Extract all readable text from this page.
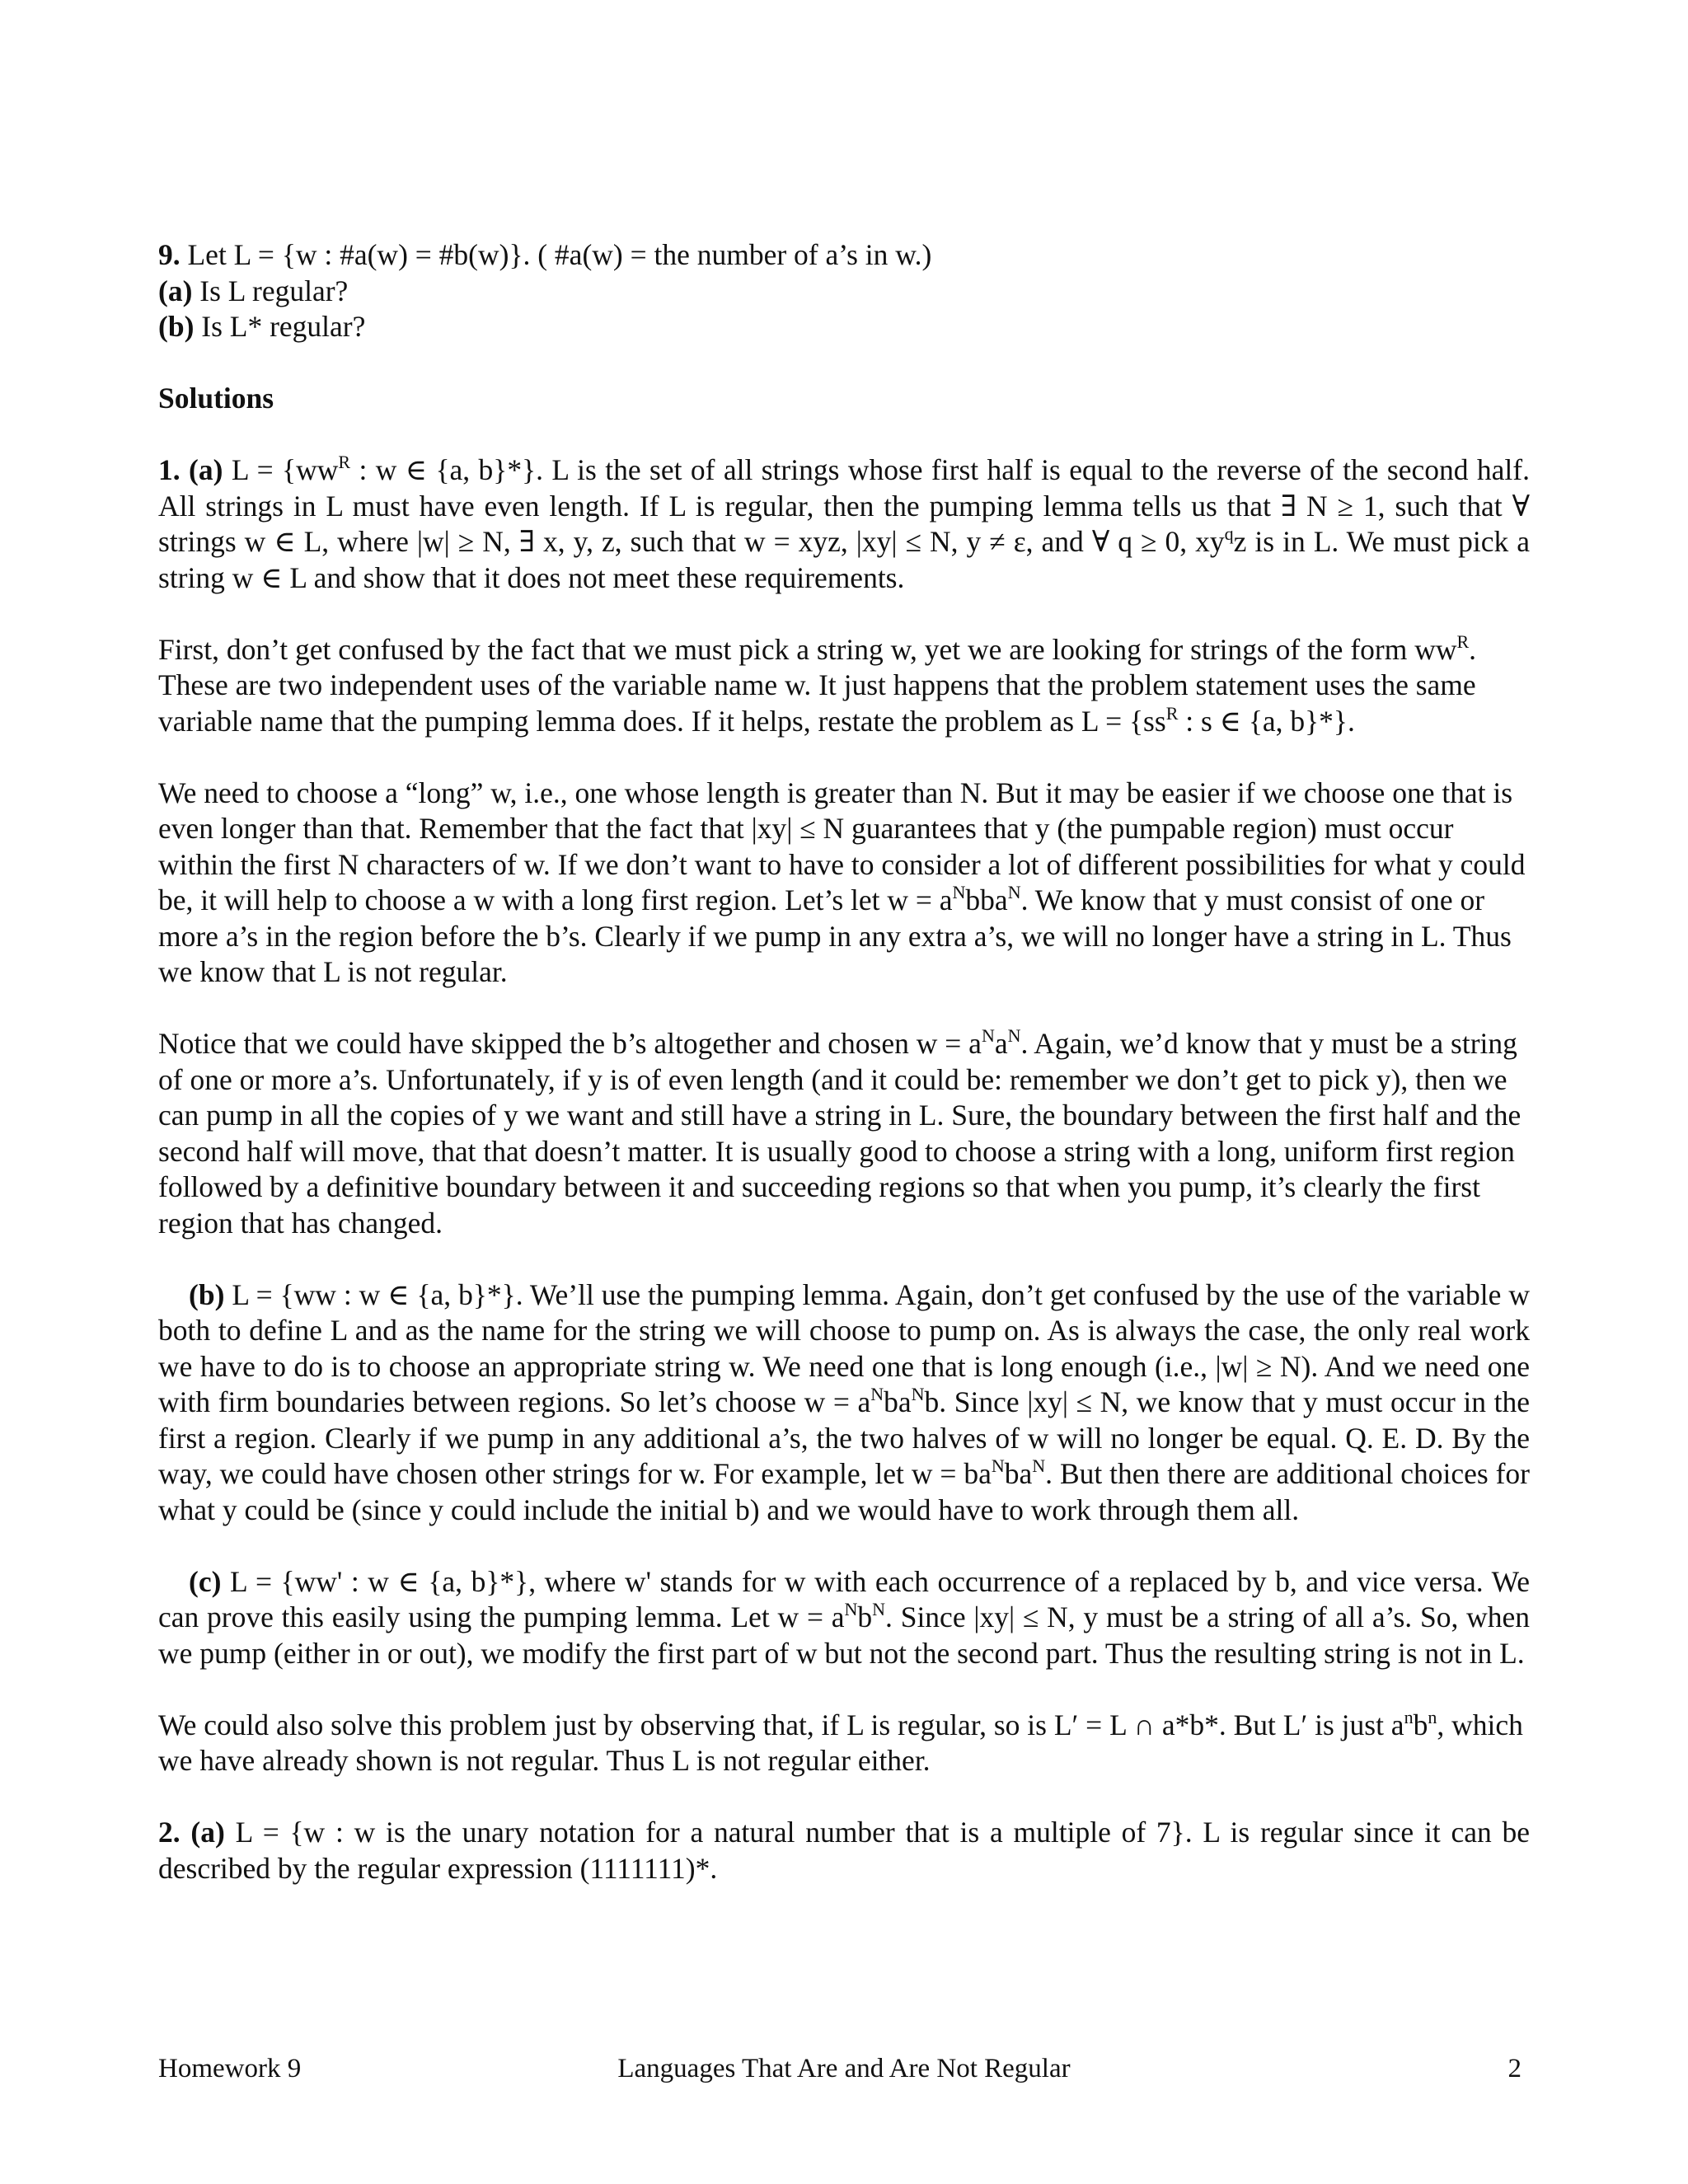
9. Let L = {w : #a(w) = #b(w)}. ( #a(w) = the number of a’s in w.)

(a) Is L regular?

(b) Is L* regular?

Solutions

1. (a) $L = \{ww^R$ : w ∈ {a, b}*}. L is the set of all strings whose first half is equal to the reverse of the second half. All strings in L must have even length. If L is regular, then the pumping lemma tells us that ∃ N ≥ 1, such that ∀ strings w ∈ L, where |w| ≥ N, ∃ x, y, z, such that w = xyz, |xy| ≤ N, y ≠ ε, and ∀ q ≥ 0, $xy^qz$ is in L. We must pick a string w ∈ L and show that it does not meet these requirements.

First, don’t get confused by the fact that we must pick a string w, yet we are looking for strings of the form $ww^R$. These are two independent uses of the variable name w. It just happens that the problem statement uses the same variable name that the pumping lemma does. If it helps, restate the problem as $L = \{ss^R$ : s ∈ {a, b}*}.

We need to choose a “long” w, i.e., one whose length is greater than N. But it may be easier if we choose one that is even longer than that. Remember that the fact that |xy| ≤ N guarantees that y (the pumpable region) must occur within the first N characters of w. If we don’t want to have to consider a lot of different possibilities for what y could be, it will help to choose a w with a long first region. Let’s let $w = a^Nbba^N$. We know that y must consist of one or more a’s in the region before the b’s. Clearly if we pump in any extra a’s, we will no longer have a string in L. Thus we know that L is not regular.

Notice that we could have skipped the b’s altogether and chosen $w = a^Na^N$. Again, we’d know that y must be a string of one or more a’s. Unfortunately, if y is of even length (and it could be: remember we don’t get to pick y), then we can pump in all the copies of y we want and still have a string in L. Sure, the boundary between the first half and the second half will move, that that doesn’t matter. It is usually good to choose a string with a long, uniform first region followed by a definitive boundary between it and succeeding regions so that when you pump, it’s clearly the first region that has changed.

(b) L = {ww : w ∈ {a, b}*}. We’ll use the pumping lemma. Again, don’t get confused by the use of the variable w both to define L and as the name for the string we will choose to pump on. As is always the case, the only real work we have to do is to choose an appropriate string w. We need one that is long enough (i.e., |w| ≥ N). And we need one with firm boundaries between regions. So let’s choose $w = a^Nba^Nb$. Since |xy| ≤ N, we know that y must occur in the first a region. Clearly if we pump in any additional a’s, the two halves of w will no longer be equal. Q. E. D. By the way, we could have chosen other strings for w. For example, let $w = ba^Nba^N$. But then there are additional choices for what y could be (since y could include the initial b) and we would have to work through them all.

(c) L = {ww' : w ∈ {a, b}*}, where w' stands for w with each occurrence of a replaced by b, and vice versa. We can prove this easily using the pumping lemma. Let $w = a^Nb^N$. Since |xy| ≤ N, y must be a string of all a’s. So, when we pump (either in or out), we modify the first part of w but not the second part. Thus the resulting string is not in L.

We could also solve this problem just by observing that, if L is regular, so is L′ = L ∩ a*b*. But L′ is just $a^nb^n$, which we have already shown is not regular. Thus L is not regular either.

2. (a) L = {w : w is the unary notation for a natural number that is a multiple of 7}. L is regular since it can be described by the regular expression (1111111)*.

Homework 9	Languages That Are and Are Not Regular	2
